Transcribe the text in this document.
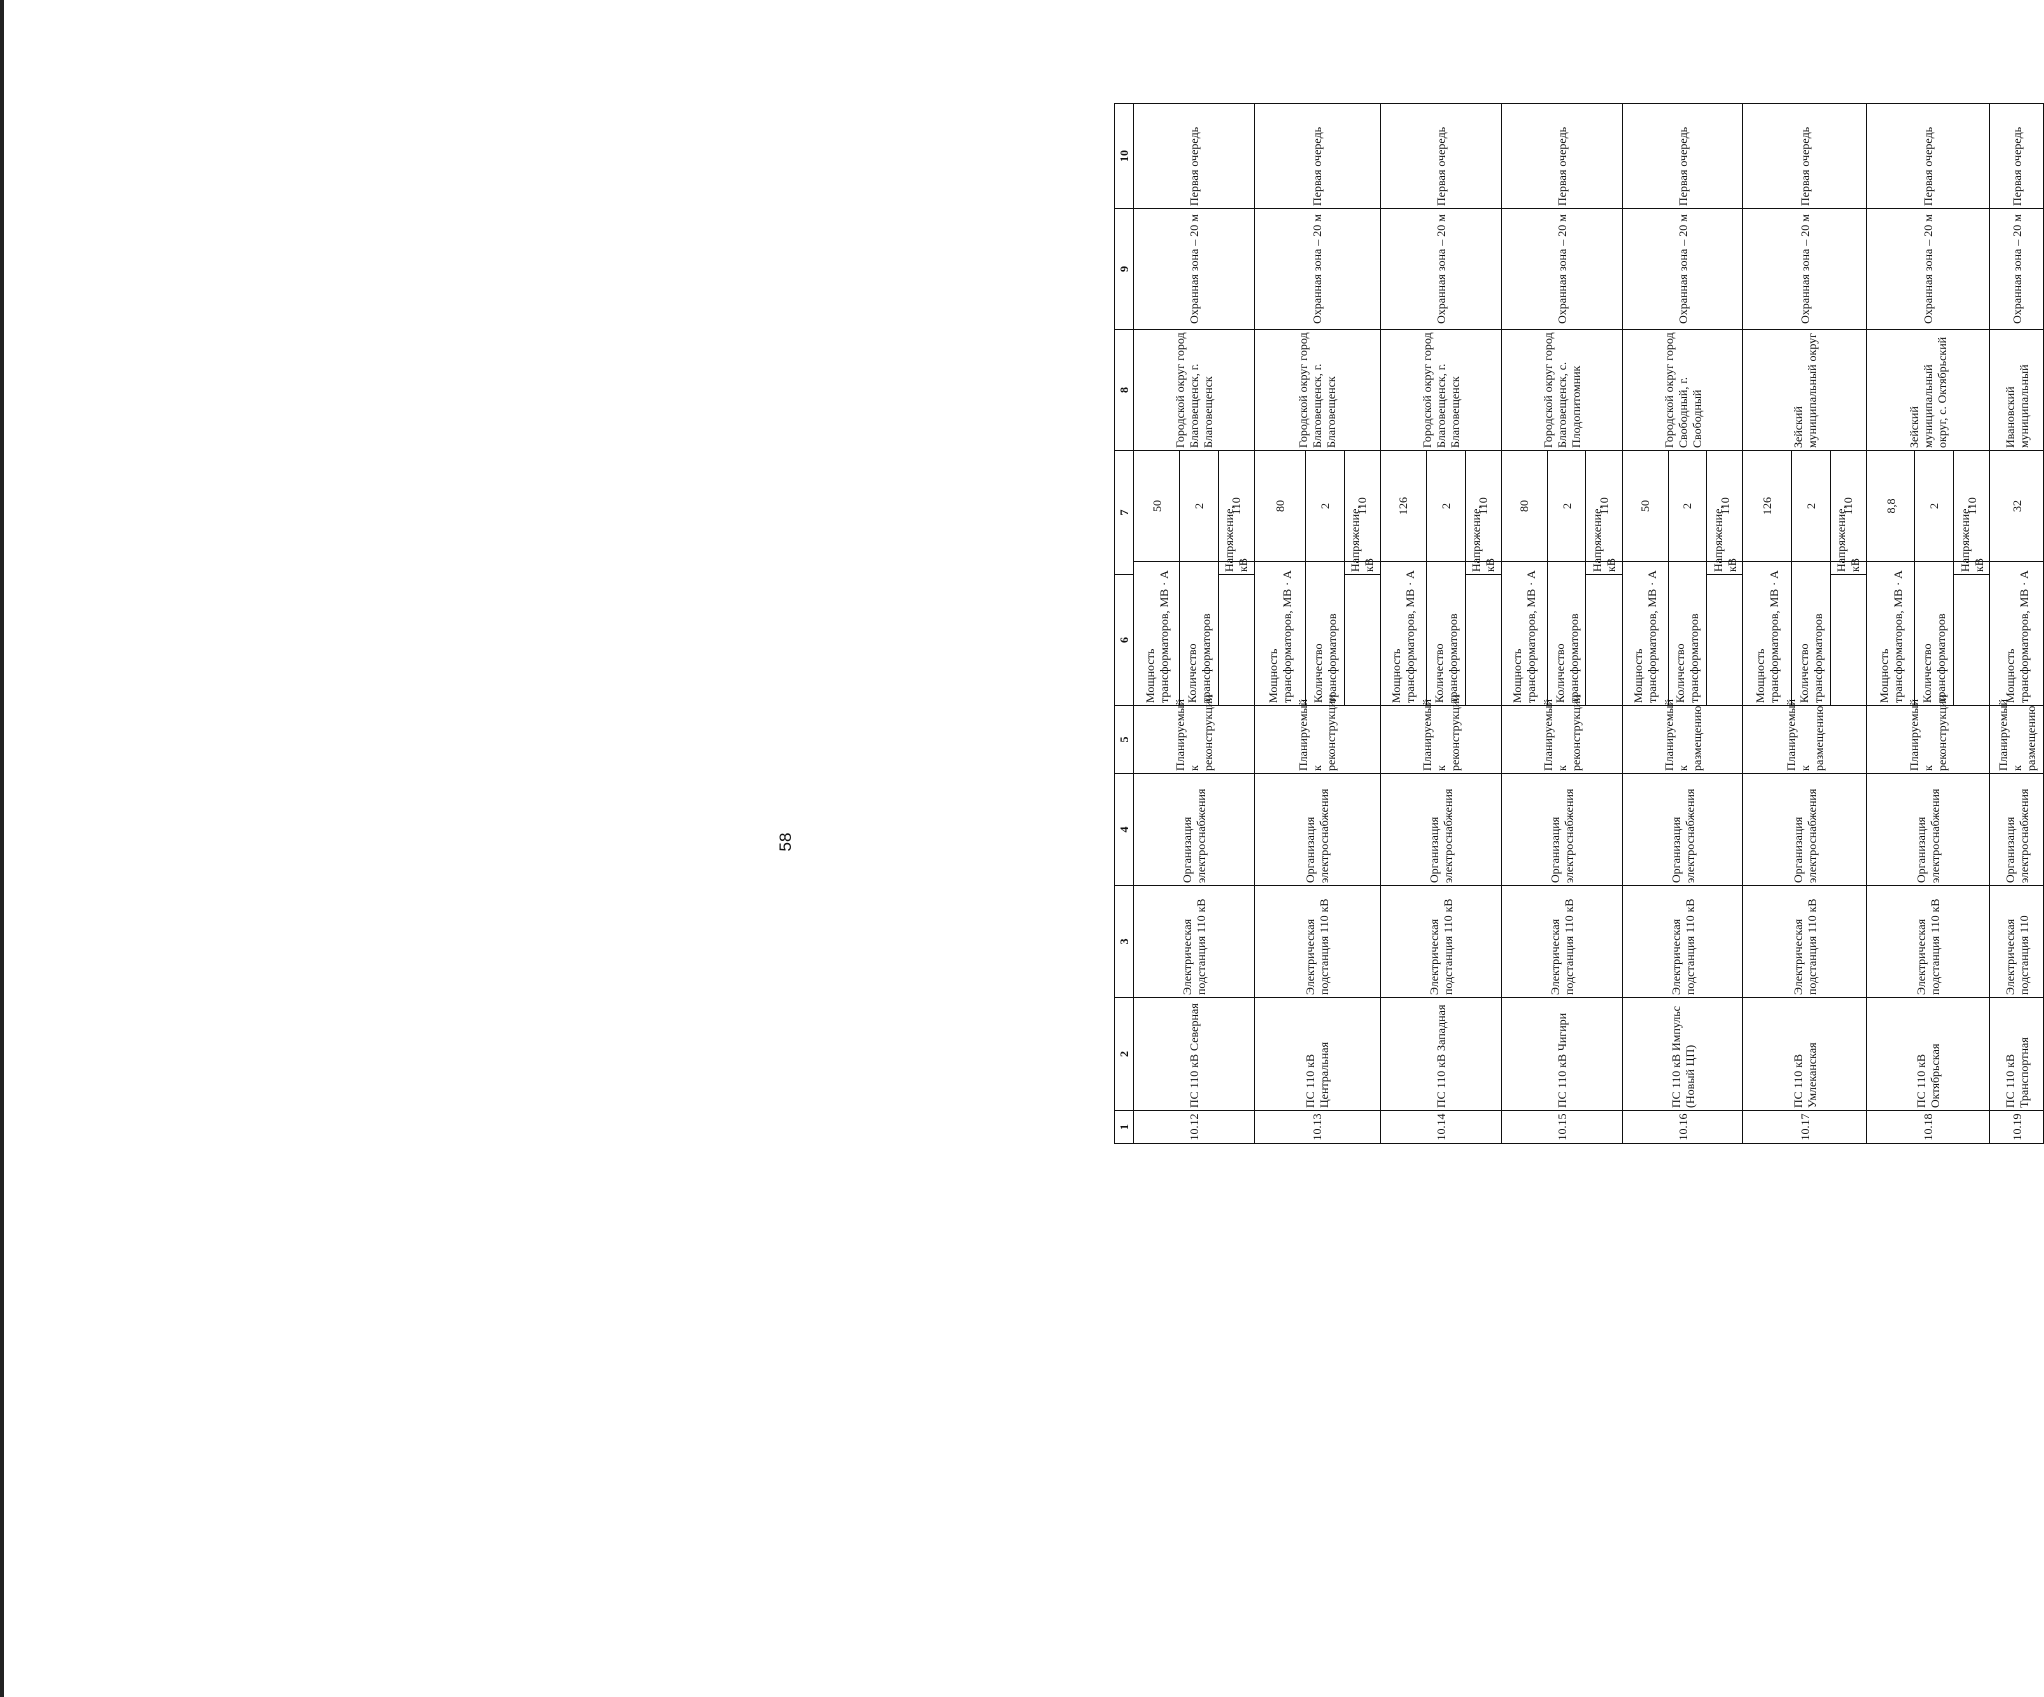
58
1	2	3	4	5	6	7		8	9	10
10.12	ПС 110 кВ Северная	Электрическая подстанция 110 кВ	Организация электроснабжения	Планируемый к реконструкции	Мощность трансформаторов, МВ · А		50	Городской округ город Благовещенск, г. Благовещенск	Охранная зона – 20 м	Первая очередь
					Количество трансформаторов		2			
						Напряжение, кВ	110			
10.13	ПС 110 кВ Центральная	Электрическая подстанция 110 кВ	Организация электроснабжения	Планируемый к реконструкции	Мощность трансформаторов, МВ · А		80	Городской округ город Благовещенск, г. Благовещенск	Охранная зона – 20 м	Первая очередь
					Количество трансформаторов		2			
						Напряжение, кВ	110			
10.14	ПС 110 кВ Западная	Электрическая подстанция 110 кВ	Организация электроснабжения	Планируемый к реконструкции	Мощность трансформаторов, МВ · А		126	Городской округ город Благовещенск, г. Благовещенск	Охранная зона – 20 м	Первая очередь
					Количество трансформаторов		2			
						Напряжение, кВ	110			
10.15	ПС 110 кВ Чигири	Электрическая подстанция 110 кВ	Организация электроснабжения	Планируемый к реконструкции	Мощность трансформаторов, МВ · А		80	Городской округ город Благовещенск, с. Плодопитомник	Охранная зона – 20 м	Первая очередь
					Количество трансформаторов		2			
						Напряжение, кВ	110			
10.16	ПС 110 кВ Импульс (Новый ЦП)	Электрическая подстанция 110 кВ	Организация электроснабжения	Планируемый к размещению	Мощность трансформаторов, МВ · А		50	Городской округ город Свободный, г. Свободный	Охранная зона – 20 м	Первая очередь
					Количество трансформаторов		2			
						Напряжение, кВ	110			
10.17	ПС 110 кВ Умлеканская	Электрическая подстанция 110 кВ	Организация электроснабжения	Планируемый к размещению	Мощность трансформаторов, МВ · А		126	Зейский муниципальный округ	Охранная зона – 20 м	Первая очередь
					Количество трансформаторов		2			
						Напряжение, кВ	110			
10.18	ПС 110 кВ Октябрьская	Электрическая подстанция 110 кВ	Организация электроснабжения	Планируемый к реконструкции	Мощность трансформаторов, МВ · А		8,8	Зейский муниципальный округ, с. Октябрьский	Охранная зона – 20 м	Первая очередь
					Количество трансформаторов		2			
						Напряжение, кВ	110			
10.19	ПС 110 кВ Транспортная	Электрическая подстанция 110	Организация электроснабжения	Планируемый к размещению	Мощность трансформаторов, МВ · А		32	Ивановский муниципальный	Охранная зона – 20 м	Первая очередь
